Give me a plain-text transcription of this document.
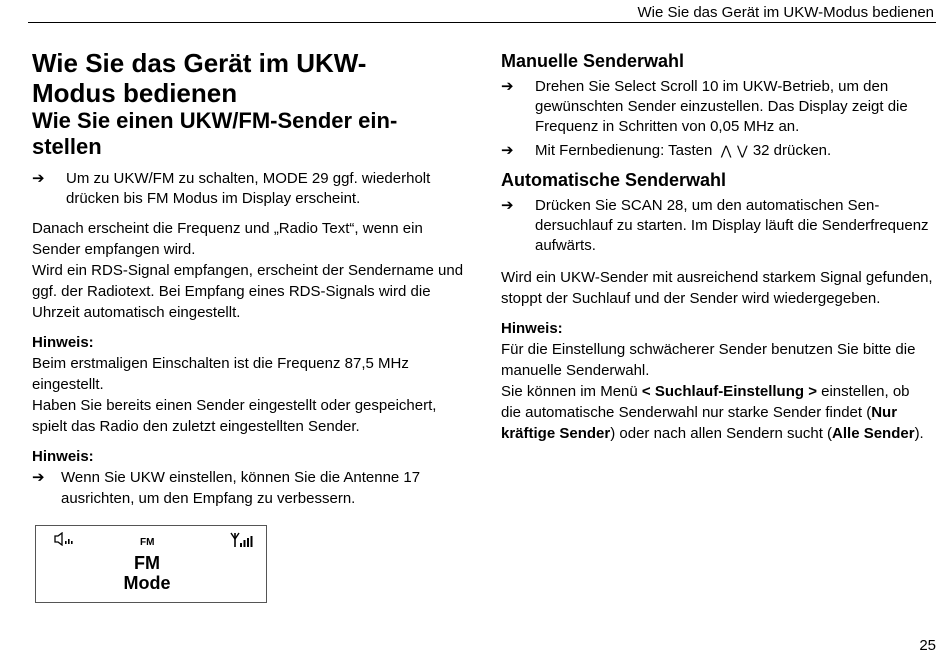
Wie Sie das Gerät im UKW-Modus bedienen
Wie Sie das Gerät im UKW-
Modus bedienen
Wie Sie einen UKW/FM-Sender ein-
stellen
➔	Um zu UKW/FM zu schalten, MODE 29 ggf. wiederholt drücken bis FM Modus im Display erscheint.

Danach erscheint die Frequenz und „Radio Text“, wenn ein Sender empfangen wird.

Wird ein RDS-Signal empfangen, erscheint der Sendername und ggf. der Radiotext. Bei Empfang eines RDS-Signals wird die Uhrzeit automatisch eingestellt.

Hinweis:

Beim erstmaligen Einschalten ist die Frequenz 87,5 MHz eingestellt.

Haben Sie bereits einen Sender eingestellt oder gespeichert, spielt das Radio den zuletzt eingestellten Sender.

Hinweis:

➔	Wenn Sie UKW einstellen, können Sie die Antenne 17 ausrichten, um den Empfang zu verbessern.
FM
FM
Mode
Manuelle Senderwahl
➔	Drehen Sie Select Scroll 10 im UKW-Betrieb, um den gewünschten Sender einzustellen. Das Display zeigt die Frequenz in Schritten von 0,05 MHz an.
➔	Mit Fernbedienung: Tasten ⋀ ⋁ 32 drücken.
Automatische Senderwahl
➔	Drücken Sie SCAN 28, um den automatischen Sendersuchlauf zu starten. Im Display läuft die Senderfrequenz aufwärts.

Wird ein UKW-Sender mit ausreichend starkem Signal gefunden, stoppt der Suchlauf und der Sender wird wiedergegeben.

Hinweis:

Für die Einstellung schwächerer Sender benutzen Sie bitte die manuelle Senderwahl.

Sie können im Menü < Suchlauf-Einstellung > einstellen, ob die automatische Senderwahl nur starke Sender findet (Nur kräftige Sender) oder nach allen Sendern sucht (Alle Sender).

25
